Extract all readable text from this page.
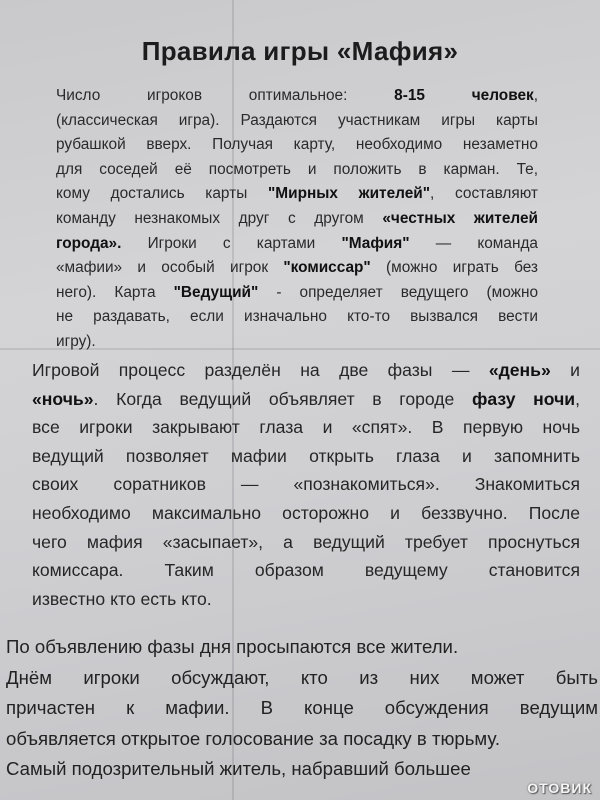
Правила игры «Мафия»
Число игроков оптимальное: 8-15 человек,
(классическая игра). Раздаются участникам игры карты
рубашкой вверх. Получая карту, необходимо незаметно
для соседей её посмотреть и положить в карман. Те,
кому достались карты "Мирных жителей", составляют
команду незнакомых друг с другом «честных жителей
города». Игроки с картами "Мафия" — команда
«мафии» и особый игрок "комиссар" (можно играть без
него). Карта "Ведущий" - определяет ведущего (можно
не раздавать, если изначально кто-то вызвался вести
игру).
Игровой процесс разделён на две фазы — «день» и
«ночь». Когда ведущий объявляет в городе фазу ночи,
все игроки закрывают глаза и «спят». В первую ночь
ведущий позволяет мафии открыть глаза и запомнить
своих соратников — «познакомиться». Знакомиться
необходимо максимально осторожно и беззвучно. После
чего мафия «засыпает», а ведущий требует проснуться
комиссара. Таким образом ведущему становится
известно кто есть кто.
По объявлению фазы дня просыпаются все жители.
Днём игроки обсуждают, кто из них может быть
причастен к мафии. В конце обсуждения ведущим
объявляется открытое голосование за посадку в тюрьму.
Самый подозрительный житель, набравший большее
ОТОВИК
